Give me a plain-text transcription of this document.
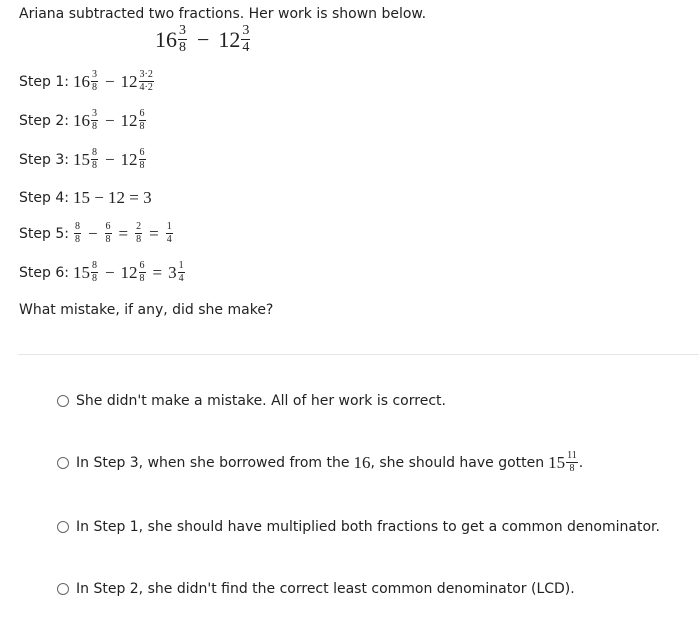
Ariana subtracted two fractions. Her work is shown below.
16 3
8 − 12 3
4
Step 1: 16 3
8 − 12 3·2
4·2
Step 2: 16 3
8 − 12 6
8
Step 3: 15 8
8 − 12 6
8
Step 4: 15 − 12 = 3
Step 5: 8
8 − 6
8 = 2
8 = 1
4
Step 6: 15 8
8 − 12 6
8 = 3 1
4
What mistake, if any, did she make?
She didn't make a mistake. All of her work is correct.
In Step 3, when she borrowed from the 16 , she should have gotten 15 11
8 .
In Step 1, she should have multiplied both fractions to get a common denominator.
In Step 2, she didn't find the correct least common denominator (LCD).
